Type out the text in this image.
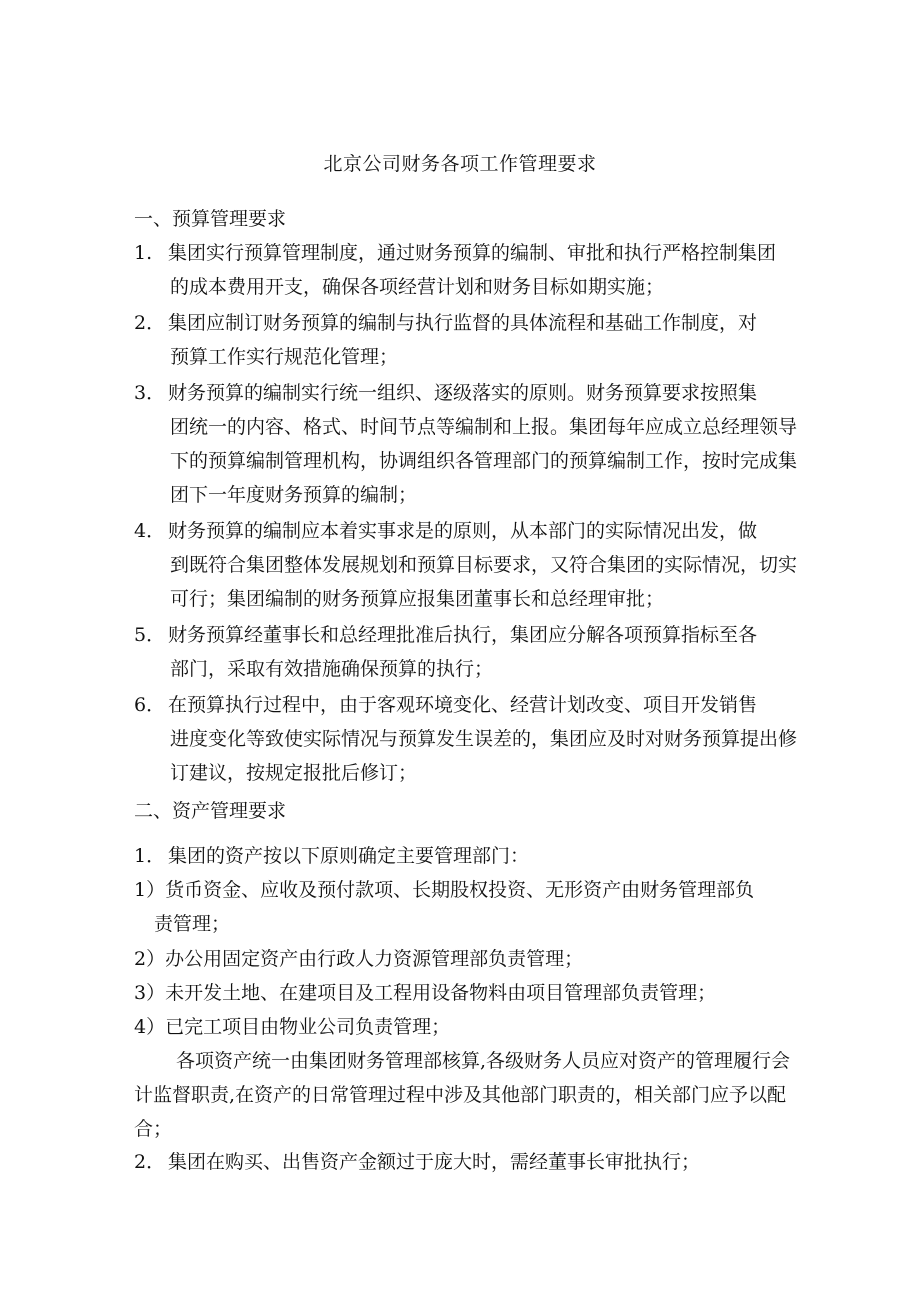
北京公司财务各项工作管理要求
一、预算管理要求
1. 集团实行预算管理制度，通过财务预算的编制、审批和执行严格控制集团
的成本费用开支，确保各项经营计划和财务目标如期实施；
2． 集团应制订财务预算的编制与执行监督的具体流程和基础工作制度，对
预算工作实行规范化管理；
3． 财务预算的编制实行统一组织、逐级落实的原则。财务预算要求按照集
团统一的内容、格式、时间节点等编制和上报。集团每年应成立总经理领导下的预算编制管理机构，协调组织各管理部门的预算编制工作，按时完成集团下一年度财务预算的编制；
4． 财务预算的编制应本着实事求是的原则，从本部门的实际情况出发，做
到既符合集团整体发展规划和预算目标要求，又符合集团的实际情况，切实可行；集团编制的财务预算应报集团董事长和总经理审批；
5． 财务预算经董事长和总经理批准后执行，集团应分解各项预算指标至各
部门，采取有效措施确保预算的执行；
6． 在预算执行过程中，由于客观环境变化、经营计划改变、项目开发销售
进度变化等致使实际情况与预算发生误差的，集团应及时对财务预算提出修订建议，按规定报批后修订；
二、资产管理要求
1． 集团的资产按以下原则确定主要管理部门：
1）货币资金、应收及预付款项、长期股权投资、无形资产由财务管理部负
责管理；
2）办公用固定资产由行政人力资源管理部负责管理；
3）未开发土地、在建项目及工程用设备物料由项目管理部负责管理；
4）已完工项目由物业公司负责管理；
各项资产统一由集团财务管理部核算,各级财务人员应对资产的管理履行会计监督职责,在资产的日常管理过程中涉及其他部门职责的，相关部门应予以配合；
2． 集团在购买、出售资产金额过于庞大时，需经董事长审批执行；
